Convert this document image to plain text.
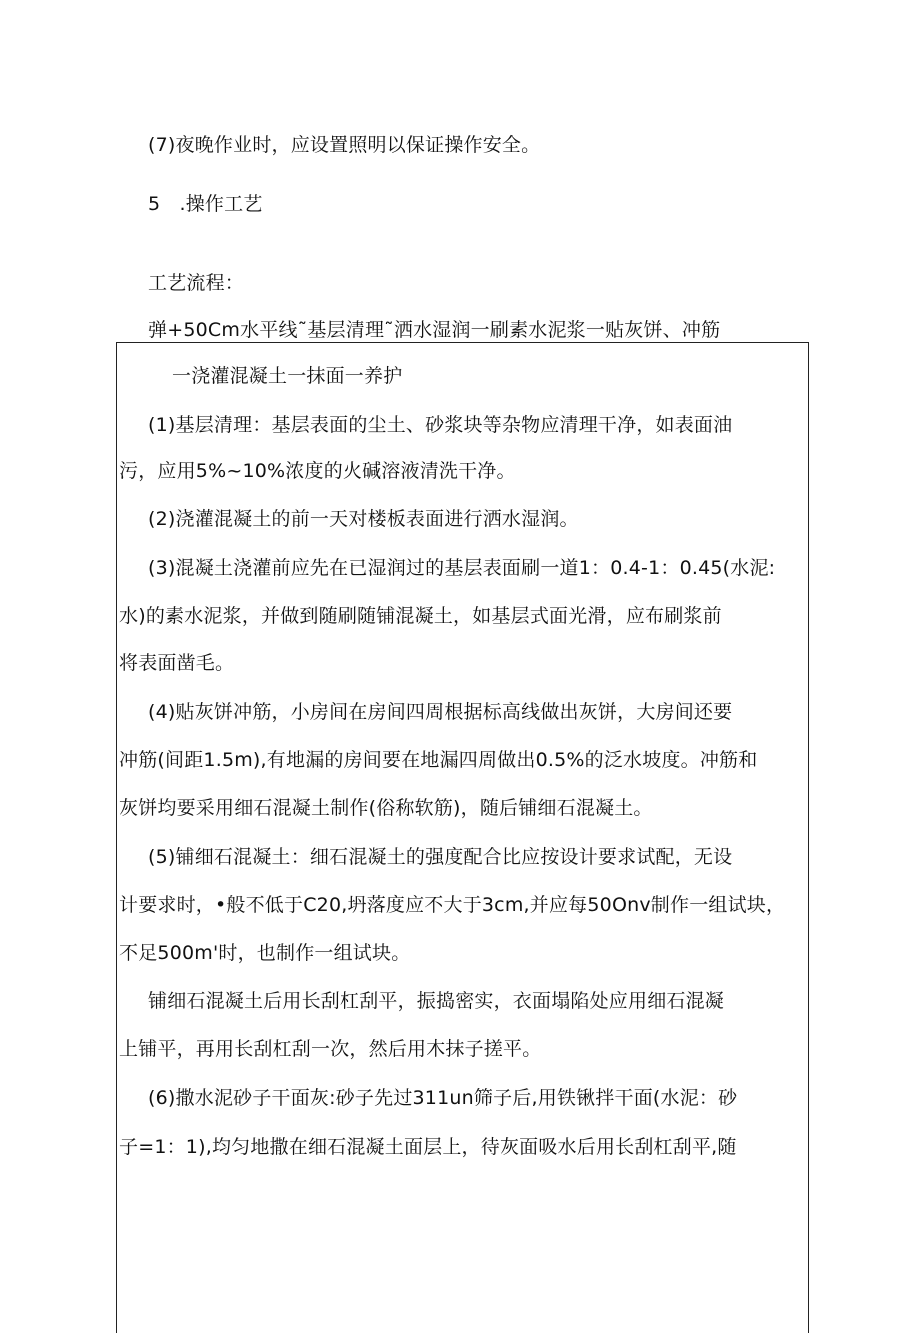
(7)夜晚作业时，应设置照明以保证操作安全。
5　.操作工艺
工艺流程：
弹+50Cm水平线˜基层清理˜洒水湿润一刷素水泥浆一贴灰饼、冲筋
一浇灌混凝土一抹面一养护
(1)基层清理：基层表面的尘土、砂浆块等杂物应清理干净，如表面油
污，应用5%~10%浓度的火碱溶液清洗干净。
(2)浇灌混凝土的前一天对楼板表面进行洒水湿润。
(3)混凝土浇灌前应先在已湿润过的基层表面刷一道1：0.4-1：0.45(水泥:
水)的素水泥浆，并做到随刷随铺混凝土，如基层式面光滑，应布刷浆前
将表面凿毛。
(4)贴灰饼冲筋，小房间在房间四周根据标高线做出灰饼，大房间还要
冲筋(间距1.5m),有地漏的房间要在地漏四周做出0.5%的泛水坡度。冲筋和
灰饼均要采用细石混凝土制作(俗称软筋)，随后铺细石混凝土。
(5)铺细石混凝土：细石混凝土的强度配合比应按设计要求试配，无设
计要求时，•般不低于C20,坍落度应不大于3cm,并应每50Onv制作一组试块，
不足500m'时，也制作一组试块。
铺细石混凝土后用长刮杠刮平，振捣密实，衣面塌陷处应用细石混凝
上铺平，再用长刮杠刮一次，然后用木抹子搓平。
(6)撒水泥砂子干面灰:砂子先过311un筛子后,用铁锹拌干面(水泥：砂
子=1：1),均匀地撒在细石混凝土面层上，待灰面吸水后用长刮杠刮平,随
